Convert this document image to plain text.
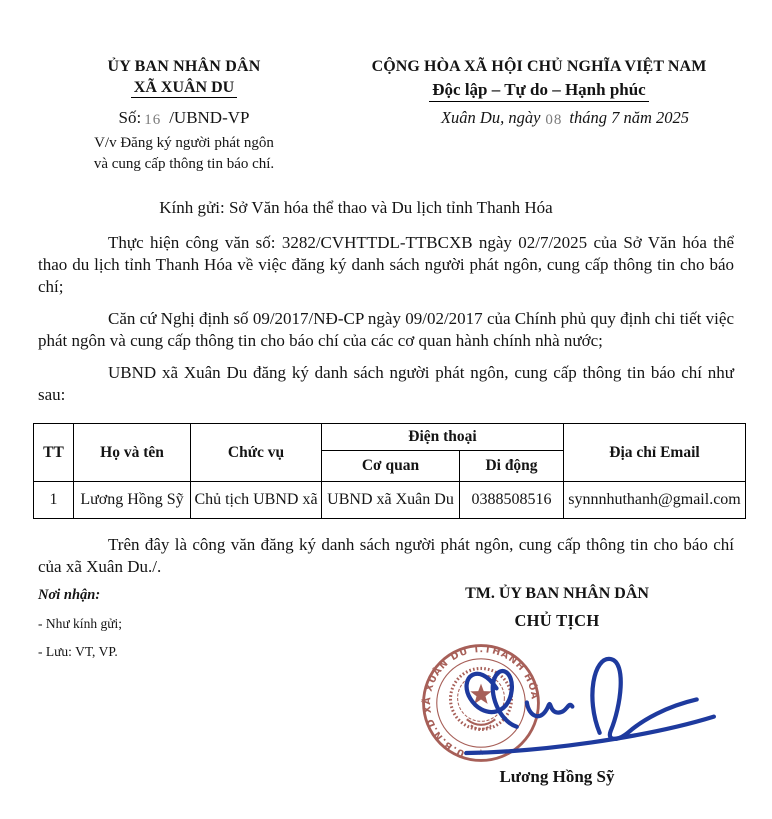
ỦY BAN NHÂN DÂN
XÃ XUÂN DU
Số: 16 /UBND-VP
V/v Đăng ký người phát ngôn
và cung cấp thông tin báo chí.
CỘNG HÒA XÃ HỘI CHỦ NGHĨA VIỆT NAM
Độc lập – Tự do – Hạnh phúc
Xuân Du, ngày 08 tháng 7 năm 2025
Kính gửi: Sở Văn hóa thể thao và Du lịch tỉnh Thanh Hóa

Thực hiện công văn số: 3282/CVHTTDL-TTBCXB ngày 02/7/2025 của Sở Văn hóa thể thao du lịch tỉnh Thanh Hóa về việc đăng ký danh sách người phát ngôn, cung cấp thông tin cho báo chí;

Căn cứ Nghị định số 09/2017/NĐ-CP ngày 09/02/2017 của Chính phủ quy định chi tiết việc phát ngôn và cung cấp thông tin cho báo chí của các cơ quan hành chính nhà nước;

UBND xã Xuân Du đăng ký danh sách người phát ngôn, cung cấp thông tin báo chí như sau:

TT	Họ và tên	Chức vụ	Điện thoại		Địa chỉ Email
			Cơ quan	Di động	
1	Lương Hồng Sỹ	Chủ tịch UBND xã	UBND xã Xuân Du	0388508516	synnnhuthanh@gmail.com

Trên đây là công văn đăng ký danh sách người phát ngôn, cung cấp thông tin cho báo chí của xã Xuân Du./.

Nơi nhận:
- Như kính gửi;
- Lưu: VT, VP.
TM. ỦY BAN NHÂN DÂN
CHỦ TỊCH
U.B.N.D XÃ XUÂN DU T.THANH HÓA
★
Lương Hồng Sỹ
